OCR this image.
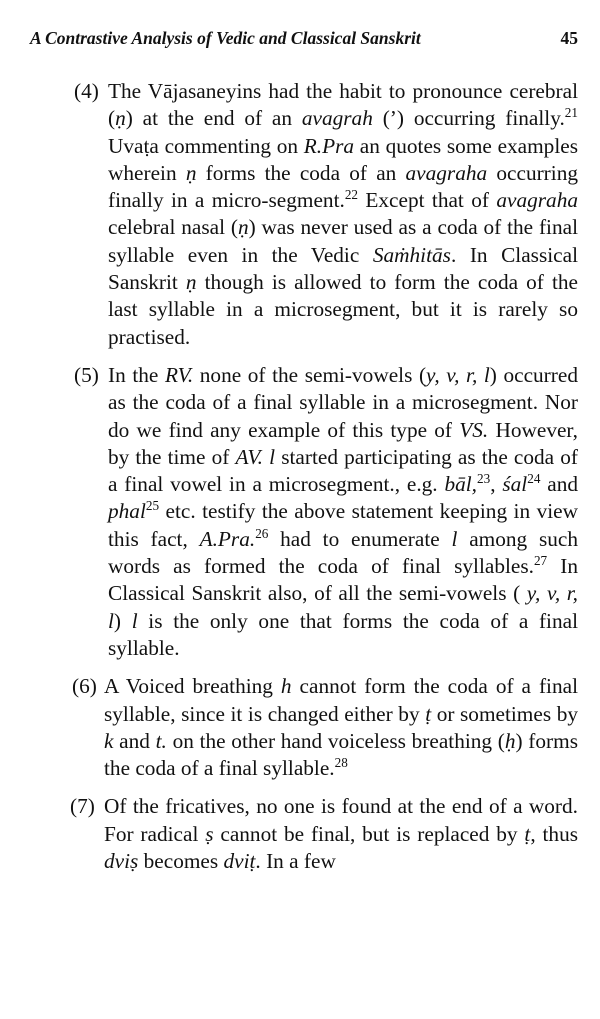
A Contrastive Analysis of Vedic and Classical Sanskrit	45

(4) The Vājasaneyins had the habit to pronounce cerebral (ṇ) at the end of an avagrah (’) occurring finally.$^{21}$ Uvaṭa commenting on R.Pra an quotes some examples wherein ṇ forms the coda of an avagraha occurring finally in a micro-segment.$^{22}$ Except that of avagraha celebral nasal (ṇ) was never used as a coda of the final syllable even in the Vedic Saṁhitās. In Classical Sanskrit ṇ though is allowed to form the coda of the last syllable in a microsegment, but it is rarely so practised.

(5) In the RV. none of the semi-vowels (y, v, r, l) occurred as the coda of a final syllable in a microsegment. Nor do we find any example of this type of VS. However, by the time of AV. l started participating as the coda of a final vowel in a microsegment., e.g. bāl,$^{23}$, śal$^{24}$ and phal$^{25}$ etc. testify the above statement keeping in view this fact, A.Pra.$^{26}$ had to enumerate l among such words as formed the coda of final syllables.$^{27}$ In Classical Sanskrit also, of all the semi-vowels ( y, v, r, l) l is the only one that forms the coda of a final syllable.

(6) A Voiced breathing h cannot form the coda of a final syllable, since it is changed either by ṭ or sometimes by k and t. on the other hand voiceless breathing (ḥ) forms the coda of a final syllable.$^{28}$

(7) Of the fricatives, no one is found at the end of a word. For radical ṣ cannot be final, but is replaced by ṭ, thus dviṣ becomes dviṭ. In a few
